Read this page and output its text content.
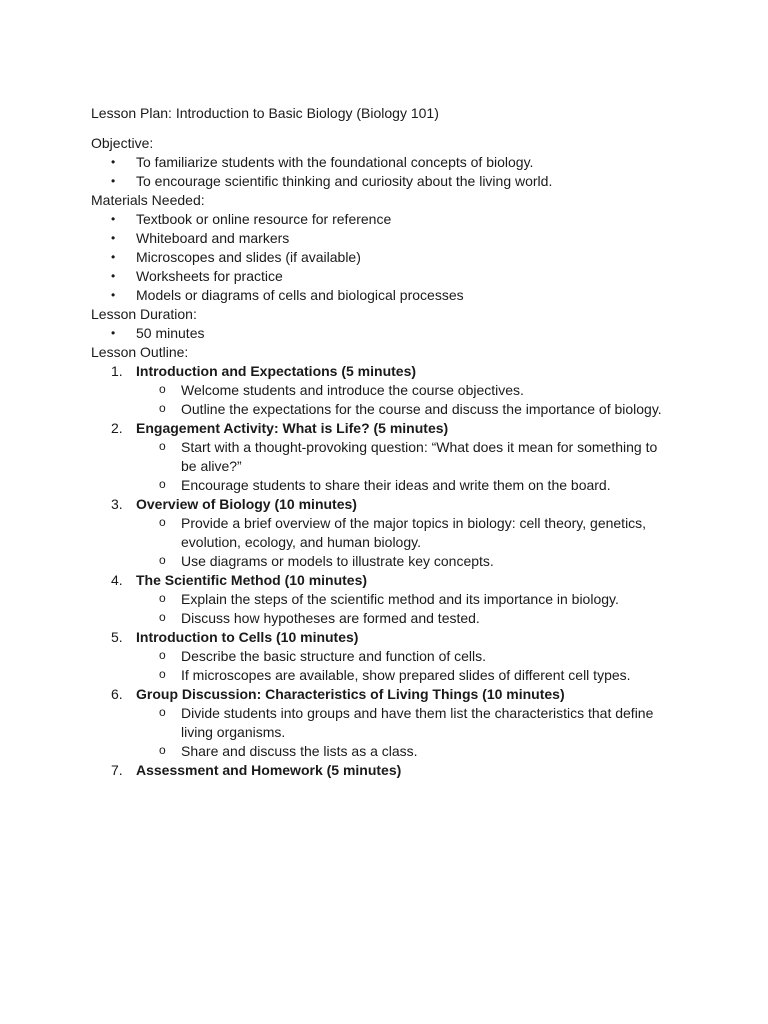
Lesson Plan: Introduction to Basic Biology (Biology 101)

Objective:

• To familiarize students with the foundational concepts of biology.
• To encourage scientific thinking and curiosity about the living world.

Materials Needed:

• Textbook or online resource for reference
• Whiteboard and markers
• Microscopes and slides (if available)
• Worksheets for practice
• Models or diagrams of cells and biological processes

Lesson Duration:

• 50 minutes

Lesson Outline:

1. Introduction and Expectations (5 minutes)
o Welcome students and introduce the course objectives.
o Outline the expectations for the course and discuss the importance of biology.
2. Engagement Activity: What is Life? (5 minutes)
o Start with a thought-provoking question: “What does it mean for something to be alive?”
o Encourage students to share their ideas and write them on the board.
3. Overview of Biology (10 minutes)
o Provide a brief overview of the major topics in biology: cell theory, genetics, evolution, ecology, and human biology.
o Use diagrams or models to illustrate key concepts.
4. The Scientific Method (10 minutes)
o Explain the steps of the scientific method and its importance in biology.
o Discuss how hypotheses are formed and tested.
5. Introduction to Cells (10 minutes)
o Describe the basic structure and function of cells.
o If microscopes are available, show prepared slides of different cell types.
6. Group Discussion: Characteristics of Living Things (10 minutes)
o Divide students into groups and have them list the characteristics that define living organisms.
o Share and discuss the lists as a class.
7. Assessment and Homework (5 minutes)
